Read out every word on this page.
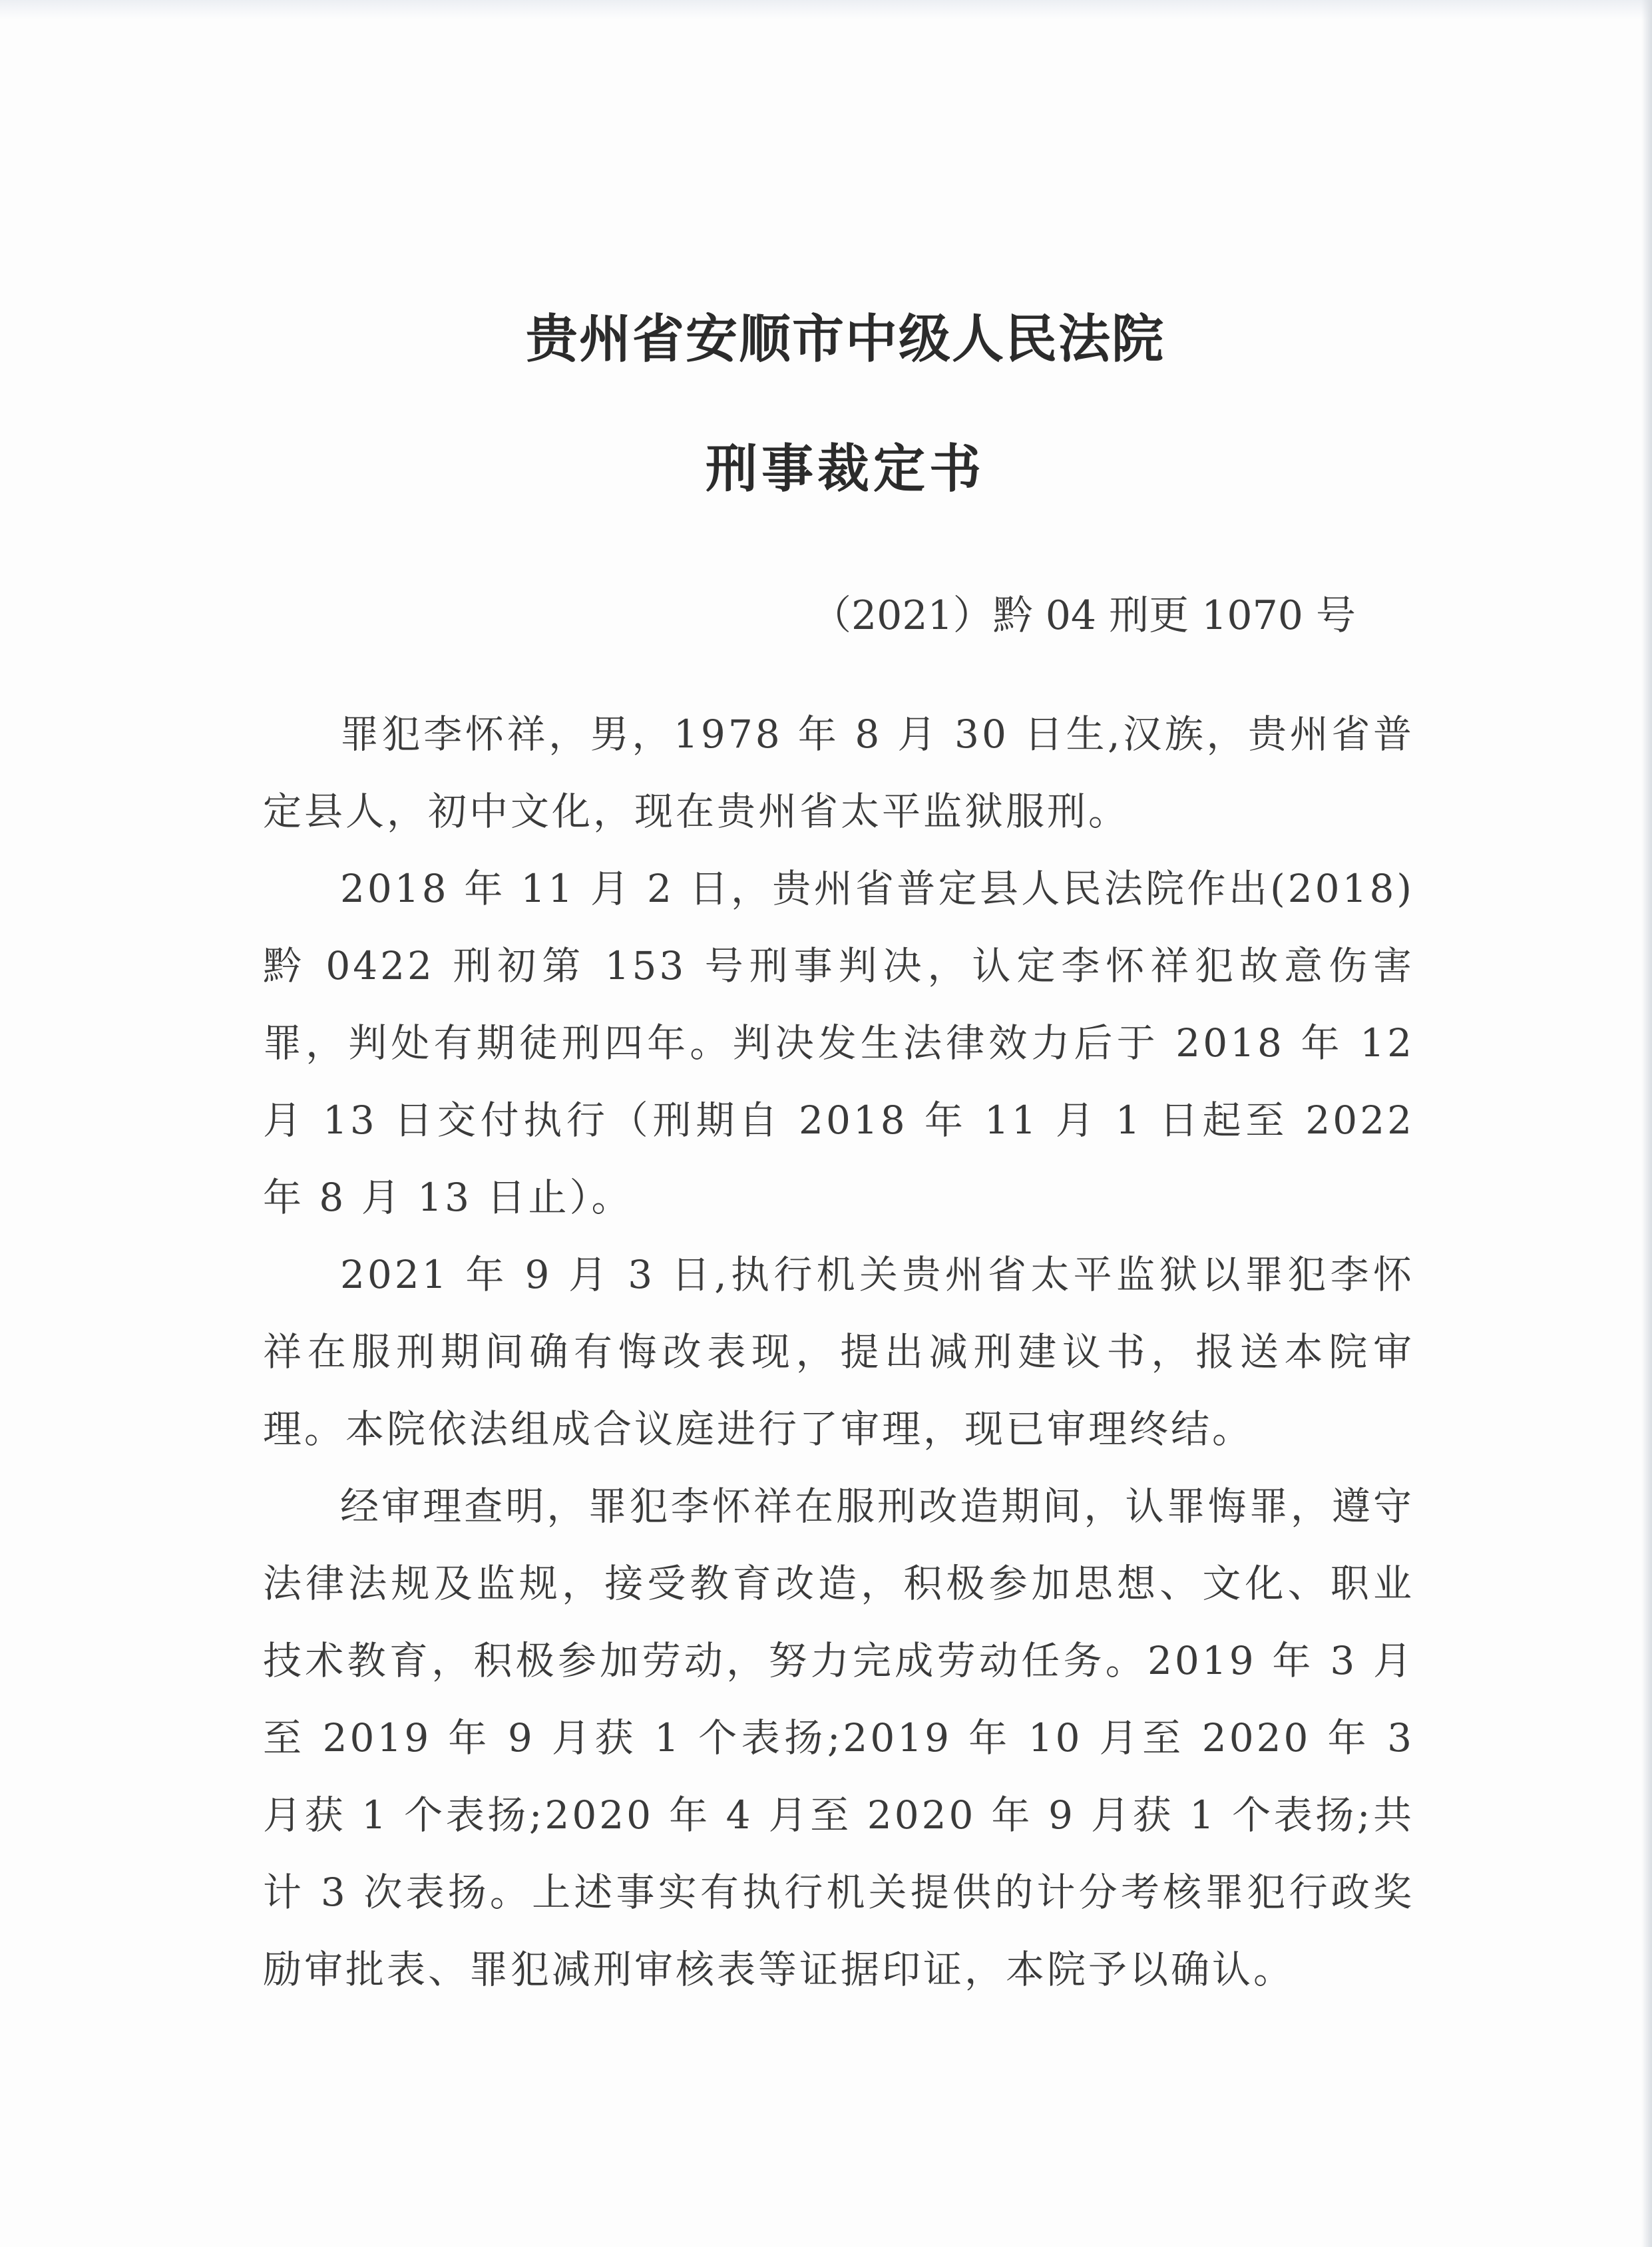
贵州省安顺市中级人民法院
刑事裁定书
（2021）黔 04 刑更 1070 号

罪犯李怀祥，男，1978 年 8 月 30 日生,汉族，贵州省普定县人，初中文化，现在贵州省太平监狱服刑。

2018 年 11 月 2 日，贵州省普定县人民法院作出(2018)黔 0422 刑初第 153 号刑事判决，认定李怀祥犯故意伤害罪，判处有期徒刑四年。判决发生法律效力后于 2018 年 12 月 13 日交付执行（刑期自 2018 年 11 月 1 日起至 2022 年 8 月 13 日止）。

2021 年 9 月 3 日,执行机关贵州省太平监狱以罪犯李怀祥在服刑期间确有悔改表现，提出减刑建议书，报送本院审理。本院依法组成合议庭进行了审理，现已审理终结。

经审理查明，罪犯李怀祥在服刑改造期间，认罪悔罪，遵守法律法规及监规，接受教育改造，积极参加思想、文化、职业技术教育，积极参加劳动，努力完成劳动任务。2019 年 3 月至 2019 年 9 月获 1 个表扬;2019 年 10 月至 2020 年 3 月获 1 个表扬;2020 年 4 月至 2020 年 9 月获 1 个表扬;共计 3 次表扬。上述事实有执行机关提供的计分考核罪犯行政奖励审批表、罪犯减刑审核表等证据印证，本院予以确认。
